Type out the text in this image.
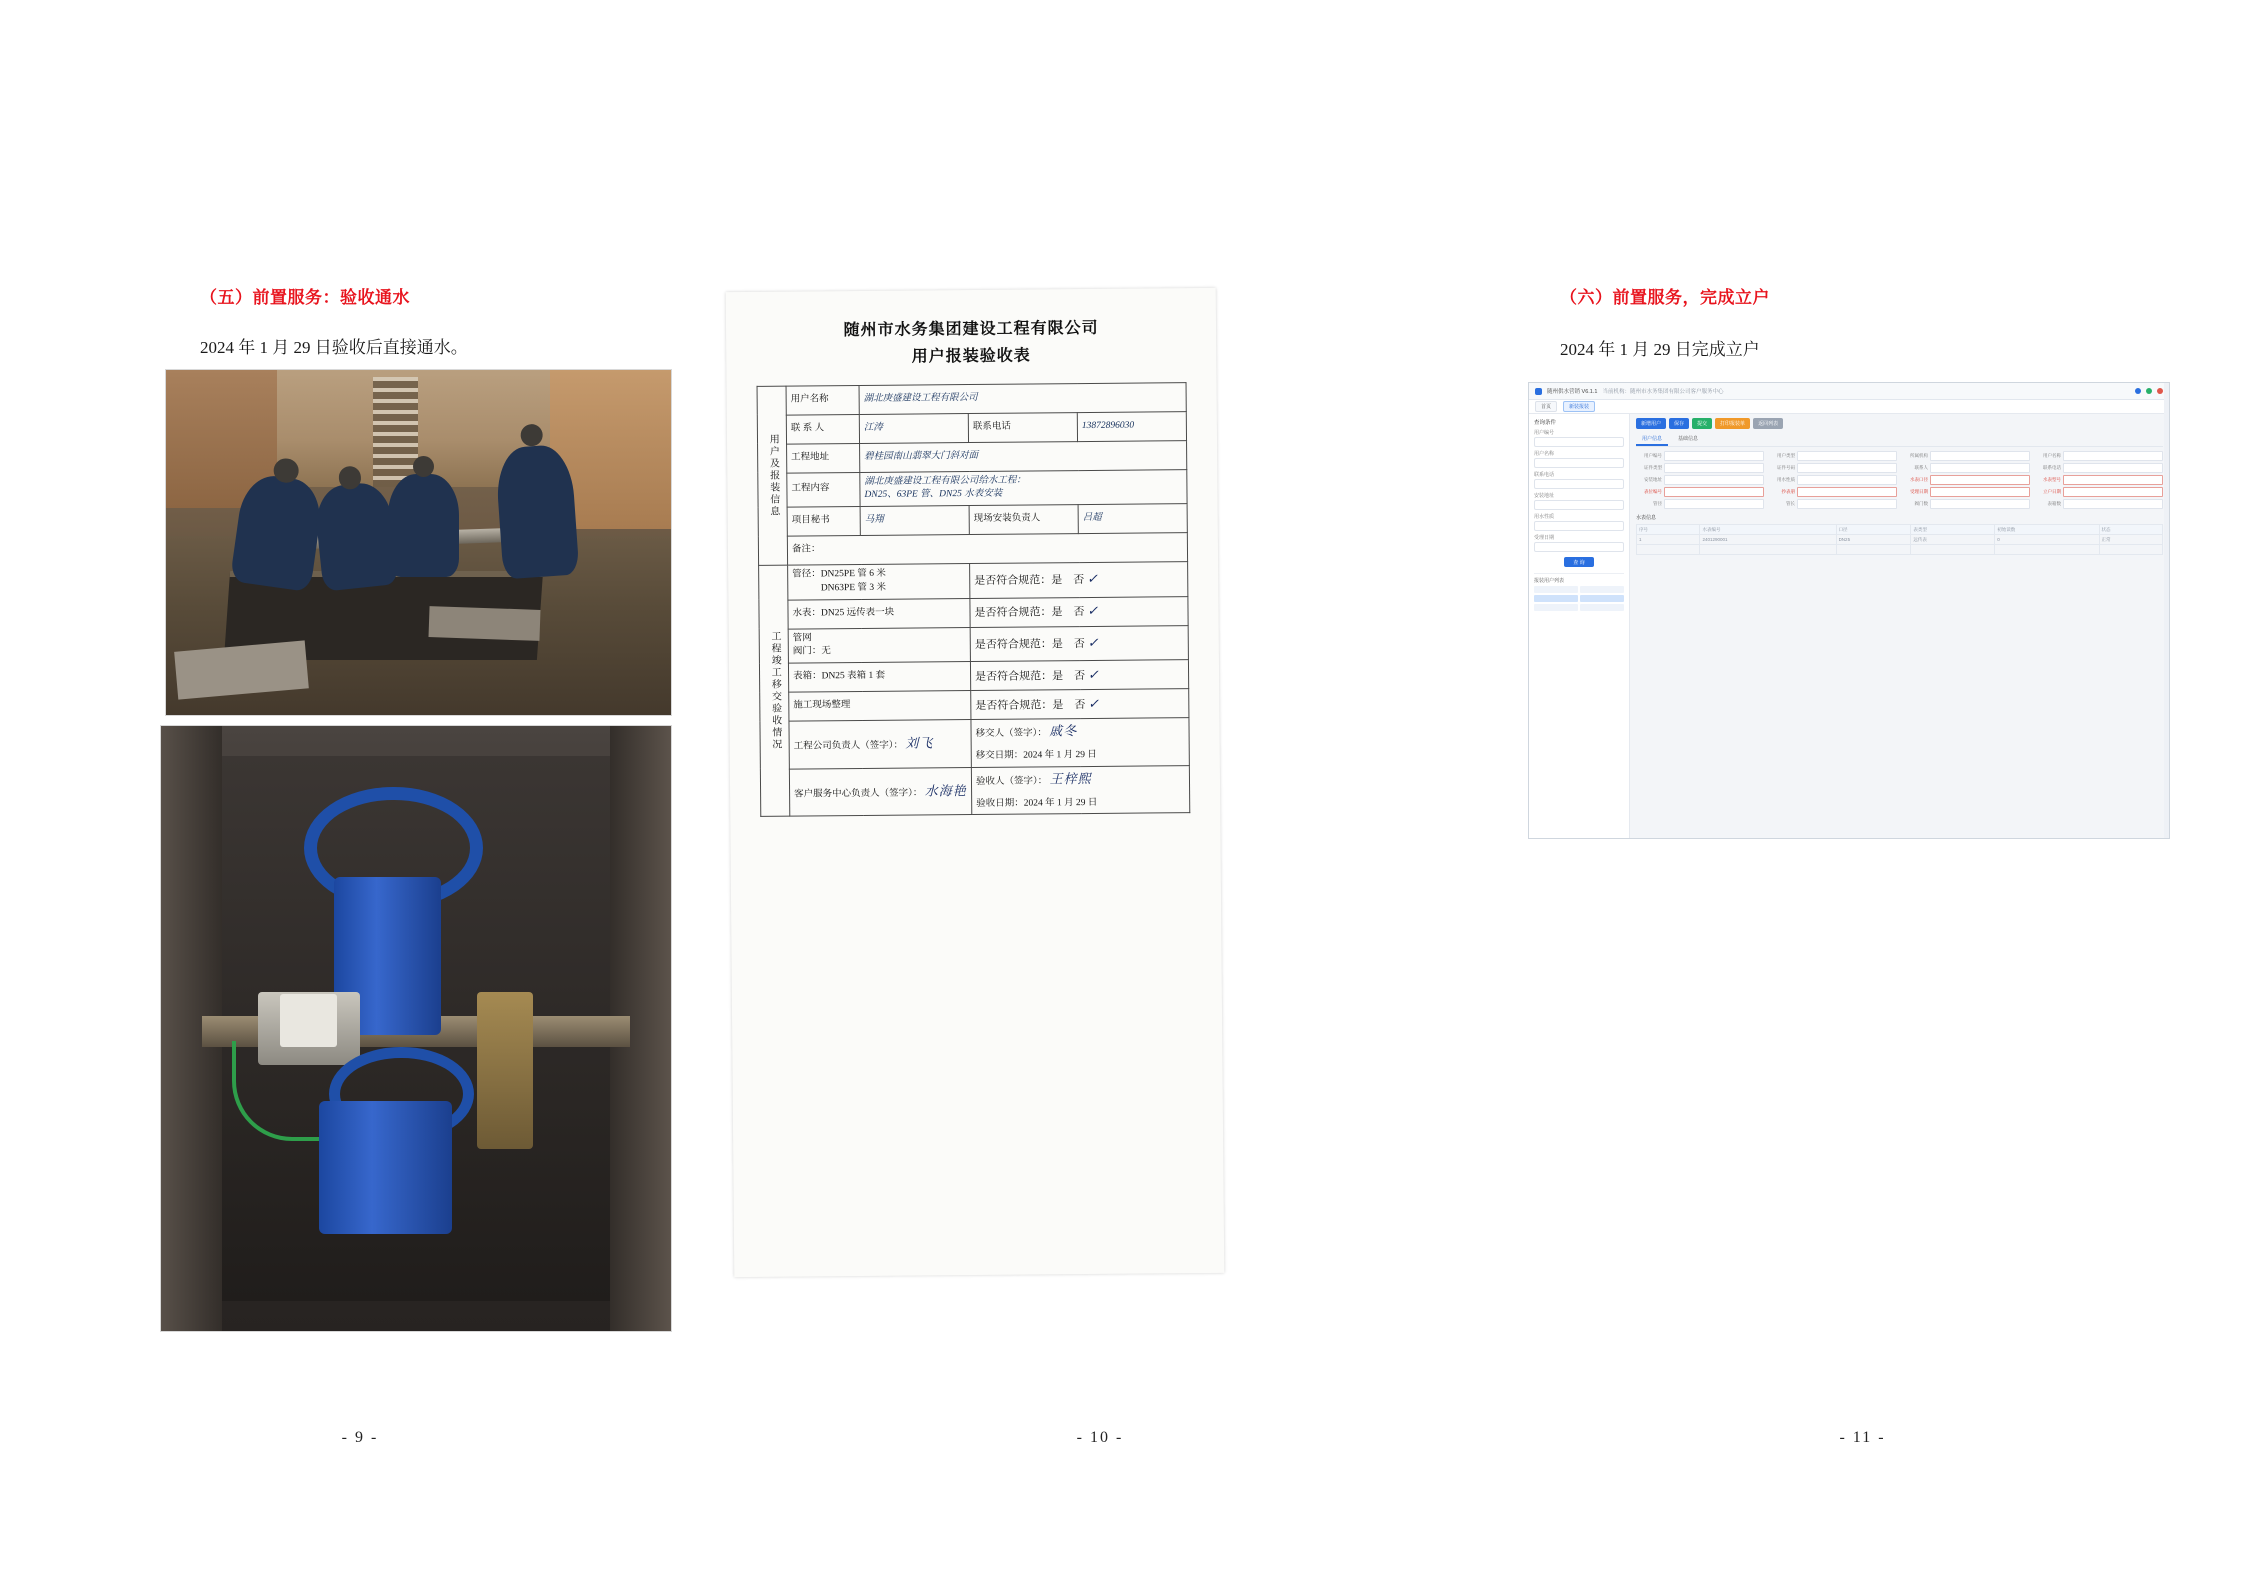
（五）前置服务：验收通水
2024 年 1 月 29 日验收后直接通水。
- 9 -
随州市水务集团建设工程有限公司
用户报装验收表
用户及报装信息	用户名称	湖北庚盛建设工程有限公司		
	联 系 人	江涛	联系电话	13872896030
	工程地址	碧桂园南山翡翠大门斜对面		
	工程内容	湖北庚盛建设工程有限公司给水工程：
DN25、63PE 管、DN25 水表安装		
	项目秘书	马翔	现场安装负责人	吕超
	备注：			
工程竣工移交验收情况	管径：DN25PE 管 6 米
　　　DN63PE 管 3 米		是否符合规范：是　否 ✓	
	水表：DN25 远传表一块		是否符合规范：是　否 ✓	
	管网
阀门：无		是否符合规范：是　否 ✓	
	表箱：DN25 表箱 1 套		是否符合规范：是　否 ✓	
	施工现场整理		是否符合规范：是　否 ✓	
	工程公司负责人（签字）： 刘飞		移交人（签字）： 戚冬
移交日期：2024 年 1 月 29 日	

	客户服务中心负责人（签字）： 水海艳		验收人（签字）： 王梓熙
验收日期：2024 年 1 月 29 日	
- 10 -
（六）前置服务，完成立户
2024 年 1 月 29 日完成立户
随州供水营销 V6.1.1 当前机构：随州市水务集团有限公司客户服务中心
首页	新装报装
查询条件
用户编号
用户名称
联系电话
安装地址
用水性质
受理日期
查 询
报装用户列表
新增用户	保存	提交	打印报装单	返回列表
用户信息	基础信息
用户编号	用户类型	所属机构	用户名称
证件类型	证件号码	联系人	联系电话
安装地址	用水性质	水表口径	水表型号
表位编号	抄表册	受理日期	立户日期
管径	管长	阀门数	表箱数
水表信息
序号	水表编号	口径	表类型	初始读数	状态
1	2401290001	DN25	远传表	0	正常

- 11 -
